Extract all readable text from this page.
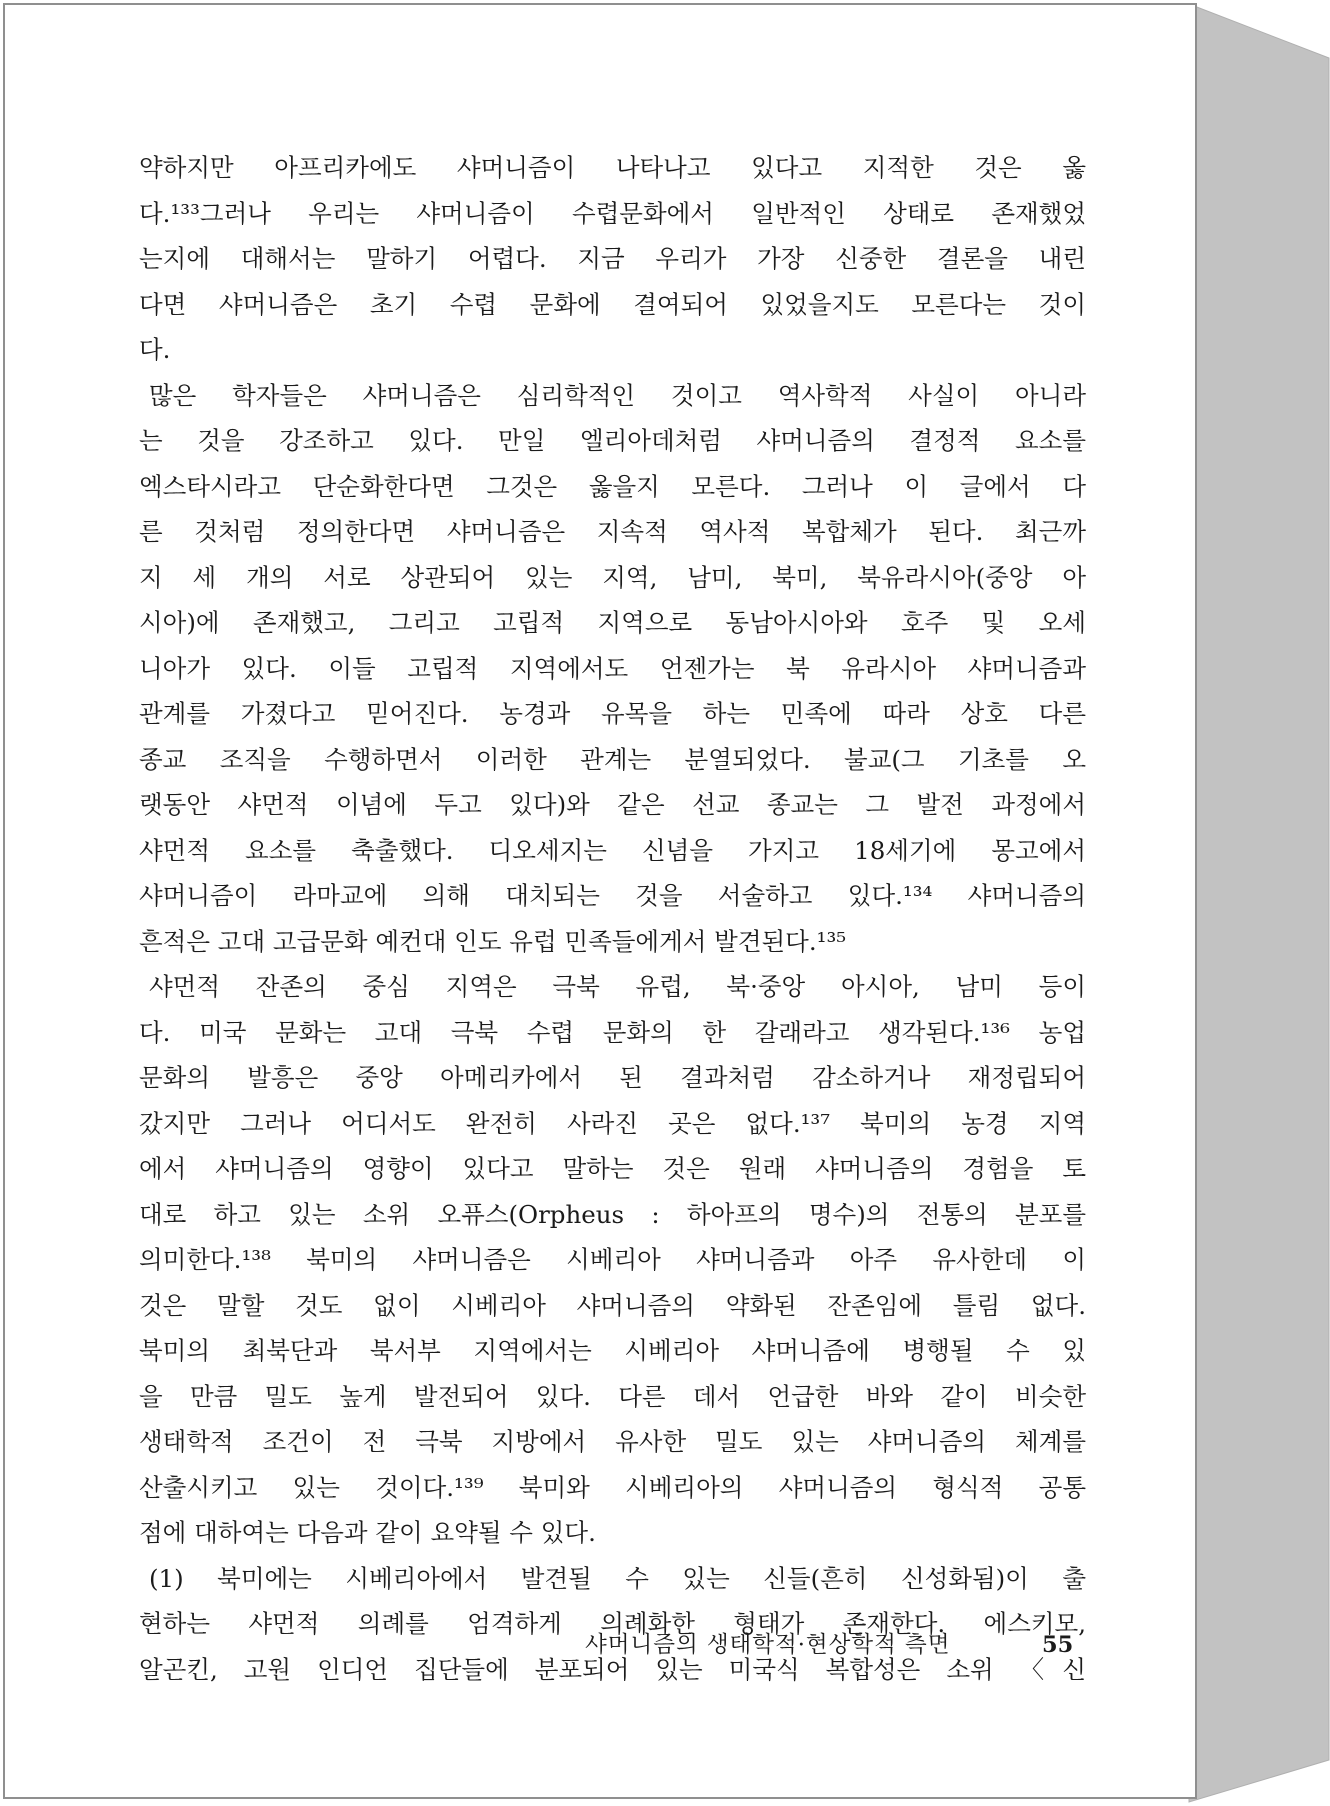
약하지만 아프리카에도 샤머니즘이 나타나고 있다고 지적한 것은 옳
다.¹³³그러나 우리는 샤머니즘이 수렵문화에서 일반적인 상태로 존재했었
는지에 대해서는 말하기 어렵다. 지금 우리가 가장 신중한 결론을 내린
다면 샤머니즘은 초기 수렵 문화에 결여되어 있었을지도 모른다는 것이
다.
많은 학자들은 샤머니즘은 심리학적인 것이고 역사학적 사실이 아니라
는 것을 강조하고 있다. 만일 엘리아데처럼 샤머니즘의 결정적 요소를
엑스타시라고 단순화한다면 그것은 옳을지 모른다. 그러나 이 글에서 다
른 것처럼 정의한다면 샤머니즘은 지속적 역사적 복합체가 된다. 최근까
지 세 개의 서로 상관되어 있는 지역, 남미, 북미, 북유라시아(중앙 아
시아)에 존재했고, 그리고 고립적 지역으로 동남아시아와 호주 및 오세
니아가 있다. 이들 고립적 지역에서도 언젠가는 북 유라시아 샤머니즘과
관계를 가졌다고 믿어진다. 농경과 유목을 하는 민족에 따라 상호 다른
종교 조직을 수행하면서 이러한 관계는 분열되었다. 불교(그 기초를 오
랫동안 샤먼적 이념에 두고 있다)와 같은 선교 종교는 그 발전 과정에서
샤먼적 요소를 축출했다. 디오세지는 신념을 가지고 18세기에 몽고에서
샤머니즘이 라마교에 의해 대치되는 것을 서술하고 있다.¹³⁴ 샤머니즘의
흔적은 고대 고급문화 예컨대 인도 유럽 민족들에게서 발견된다.¹³⁵
샤먼적 잔존의 중심 지역은 극북 유럽, 북·중앙 아시아, 남미 등이
다. 미국 문화는 고대 극북 수렵 문화의 한 갈래라고 생각된다.¹³⁶ 농업
문화의 발흥은 중앙 아메리카에서 된 결과처럼 감소하거나 재정립되어
갔지만 그러나 어디서도 완전히 사라진 곳은 없다.¹³⁷ 북미의 농경 지역
에서 샤머니즘의 영향이 있다고 말하는 것은 원래 샤머니즘의 경험을 토
대로 하고 있는 소위 오퓨스(Orpheus : 하아프의 명수)의 전통의 분포를
의미한다.¹³⁸ 북미의 샤머니즘은 시베리아 샤머니즘과 아주 유사한데 이
것은 말할 것도 없이 시베리아 샤머니즘의 약화된 잔존임에 틀림 없다.
북미의 최북단과 북서부 지역에서는 시베리아 샤머니즘에 병행될 수 있
을 만큼 밀도 높게 발전되어 있다. 다른 데서 언급한 바와 같이 비슷한
생태학적 조건이 전 극북 지방에서 유사한 밀도 있는 샤머니즘의 체계를
산출시키고 있는 것이다.¹³⁹ 북미와 시베리아의 샤머니즘의 형식적 공통
점에 대하여는 다음과 같이 요약될 수 있다.
(1) 북미에는 시베리아에서 발견될 수 있는 신들(흔히 신성화됨)이 출
현하는 샤먼적 의례를 엄격하게 의례화한 형태가 존재한다. 에스키모,
알곤킨, 고원 인디언 집단들에 분포되어 있는 미국식 복합성은 소위 〈신
샤머니즘의 생태학적·현상학적 측면	55
